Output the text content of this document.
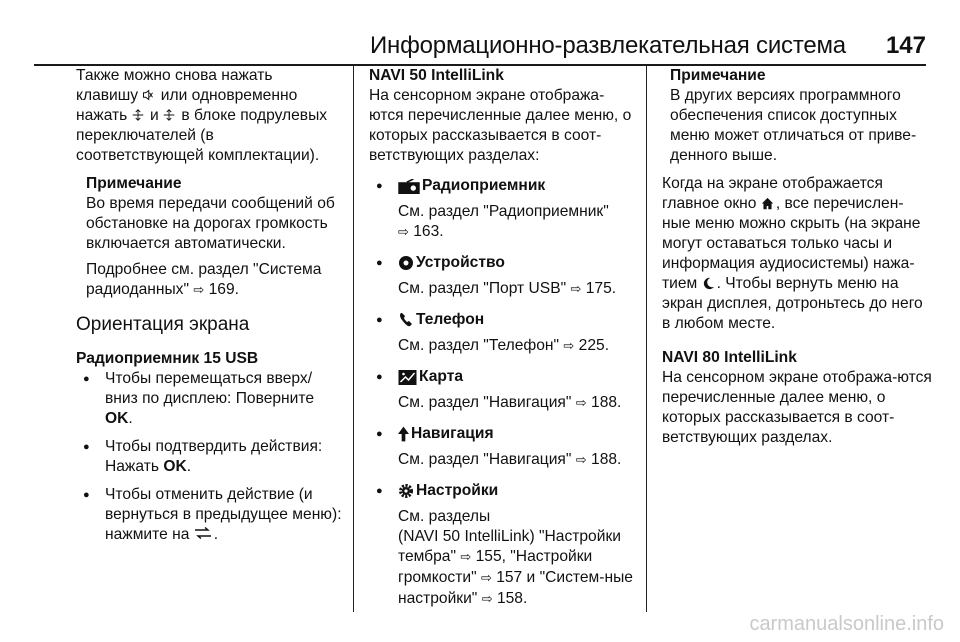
Информационно-развлекательная система 147

Также можно снова нажать
клавишу или одновременно
нажать и в блоке подрулевых
переключателей (в
соответствующей комплектации).

Примечание

Во время передачи сообщений об обстановке на дорогах громкость включается автоматически.

Подробнее см. раздел "Система радиоданных" ⇨ 169.

Ориентация экрана
Радиоприемник 15 USB
● Чтобы перемещаться вверх/вниз по дисплею: Поверните OK.
● Чтобы подтвердить действия: Нажать OK.
● Чтобы отменить действие (и вернуться в предыдущее меню): нажмите на .
NAVI 50 IntelliLink

На сенсорном экране отобража-ются перечисленные далее меню, о которых рассказывается в соот-ветствующих разделах:

● Радиоприемник
См. раздел "Радиоприемник"
⇨ 163.
● Устройство
См. раздел "Порт USB" ⇨ 175.
● Телефон
См. раздел "Телефон" ⇨ 225.
● Карта
См. раздел "Навигация" ⇨ 188.
● Навигация
См. раздел "Навигация" ⇨ 188.
● Настройки
См. разделы
(NAVI 50 IntelliLink) "Настройки тембра" ⇨ 155, "Настройки громкости" ⇨ 157 и "Систем-ные настройки" ⇨ 158.
Примечание

В других версиях программного обеспечения список доступных меню может отличаться от приве-денного выше.

Когда на экране отображается главное окно , все перечислен-ные меню можно скрыть (на экране могут оставаться только часы и информация аудиосистемы) нажа-тием . Чтобы вернуть меню на экран дисплея, дотроньтесь до него в любом месте.

NAVI 80 IntelliLink

На сенсорном экране отобража-ются перечисленные далее меню, о которых рассказывается в соот-ветствующих разделах.

carmanualsonline.info
